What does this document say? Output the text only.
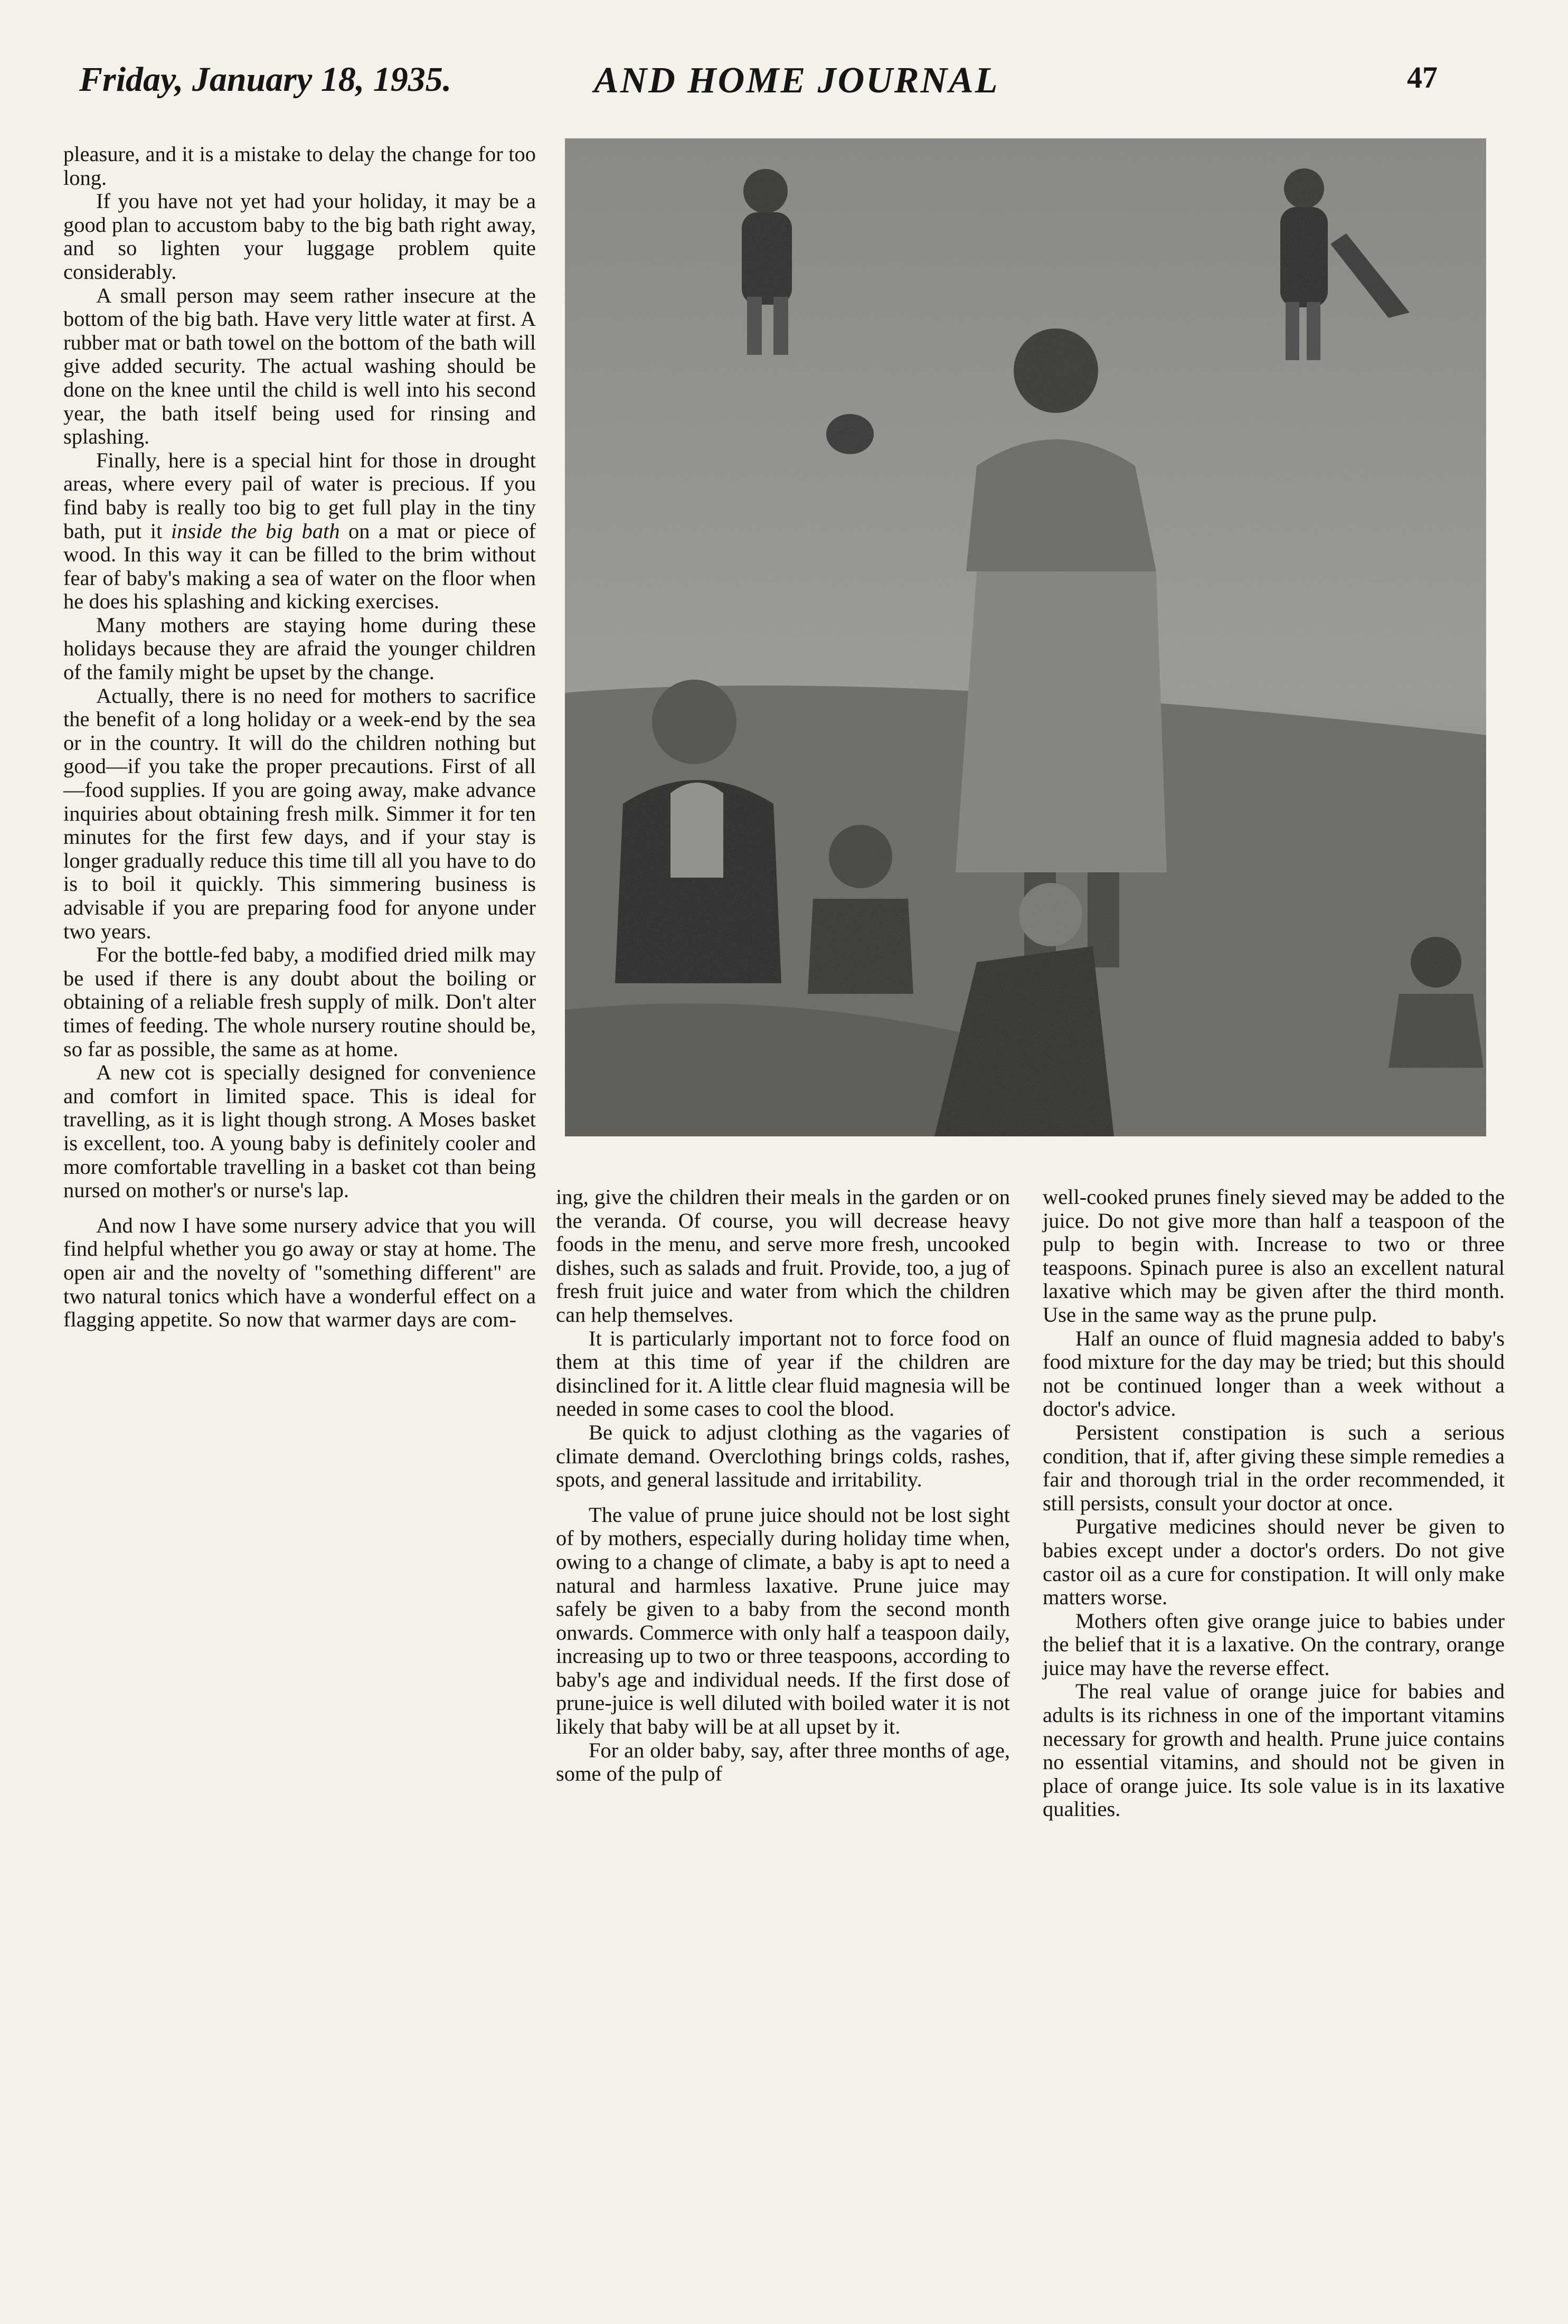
Friday, January 18, 1935.	AND HOME JOURNAL	47

pleasure, and it is a mistake to delay the change for too long.

If you have not yet had your holiday, it may be a good plan to accustom baby to the big bath right away, and so lighten your luggage problem quite considerably.

A small person may seem rather insecure at the bottom of the big bath. Have very little water at first. A rubber mat or bath towel on the bottom of the bath will give added security. The actual washing should be done on the knee until the child is well into his second year, the bath itself being used for rinsing and splashing.

Finally, here is a special hint for those in drought areas, where every pail of water is precious. If you find baby is really too big to get full play in the tiny bath, put it inside the big bath on a mat or piece of wood. In this way it can be filled to the brim without fear of baby's making a sea of water on the floor when he does his splashing and kicking exercises.

Many mothers are staying home during these holidays because they are afraid the younger children of the family might be upset by the change.

Actually, there is no need for mothers to sacrifice the benefit of a long holiday or a week-end by the sea or in the country. It will do the children nothing but good—if you take the proper precautions. First of all—food supplies. If you are going away, make advance inquiries about obtaining fresh milk. Simmer it for ten minutes for the first few days, and if your stay is longer gradually reduce this time till all you have to do is to boil it quickly. This simmering business is advisable if you are preparing food for anyone under two years.

For the bottle-fed baby, a modified dried milk may be used if there is any doubt about the boiling or obtaining of a reliable fresh supply of milk. Don't alter times of feeding. The whole nursery routine should be, so far as possible, the same as at home.

A new cot is specially designed for convenience and comfort in limited space. This is ideal for travelling, as it is light though strong. A Moses basket is excellent, too. A young baby is definitely cooler and more comfortable travelling in a basket cot than being nursed on mother's or nurse's lap.

And now I have some nursery advice that you will find helpful whether you go away or stay at home. The open air and the novelty of "something different" are two natural tonics which have a wonderful effect on a flagging appetite. So now that warmer days are com-

ing, give the children their meals in the garden or on the veranda. Of course, you will decrease heavy foods in the menu, and serve more fresh, uncooked dishes, such as salads and fruit. Provide, too, a jug of fresh fruit juice and water from which the children can help themselves.

It is particularly important not to force food on them at this time of year if the children are disinclined for it. A little clear fluid magnesia will be needed in some cases to cool the blood.

Be quick to adjust clothing as the vagaries of climate demand. Overclothing brings colds, rashes, spots, and general lassitude and irritability.

The value of prune juice should not be lost sight of by mothers, especially during holiday time when, owing to a change of climate, a baby is apt to need a natural and harmless laxative. Prune juice may safely be given to a baby from the second month onwards. Commerce with only half a teaspoon daily, increasing up to two or three teaspoons, according to baby's age and individual needs. If the first dose of prune-juice is well diluted with boiled water it is not likely that baby will be at all upset by it.

For an older baby, say, after three months of age, some of the pulp of

well-cooked prunes finely sieved may be added to the juice. Do not give more than half a teaspoon of the pulp to begin with. Increase to two or three teaspoons. Spinach puree is also an excellent natural laxative which may be given after the third month. Use in the same way as the prune pulp.

Half an ounce of fluid magnesia added to baby's food mixture for the day may be tried; but this should not be continued longer than a week without a doctor's advice.

Persistent constipation is such a serious condition, that if, after giving these simple remedies a fair and thorough trial in the order recommended, it still persists, consult your doctor at once.

Purgative medicines should never be given to babies except under a doctor's orders. Do not give castor oil as a cure for constipation. It will only make matters worse.

Mothers often give orange juice to babies under the belief that it is a laxative. On the contrary, orange juice may have the reverse effect.

The real value of orange juice for babies and adults is its richness in one of the important vitamins necessary for growth and health. Prune juice contains no essential vitamins, and should not be given in place of orange juice. Its sole value is in its laxative qualities.
